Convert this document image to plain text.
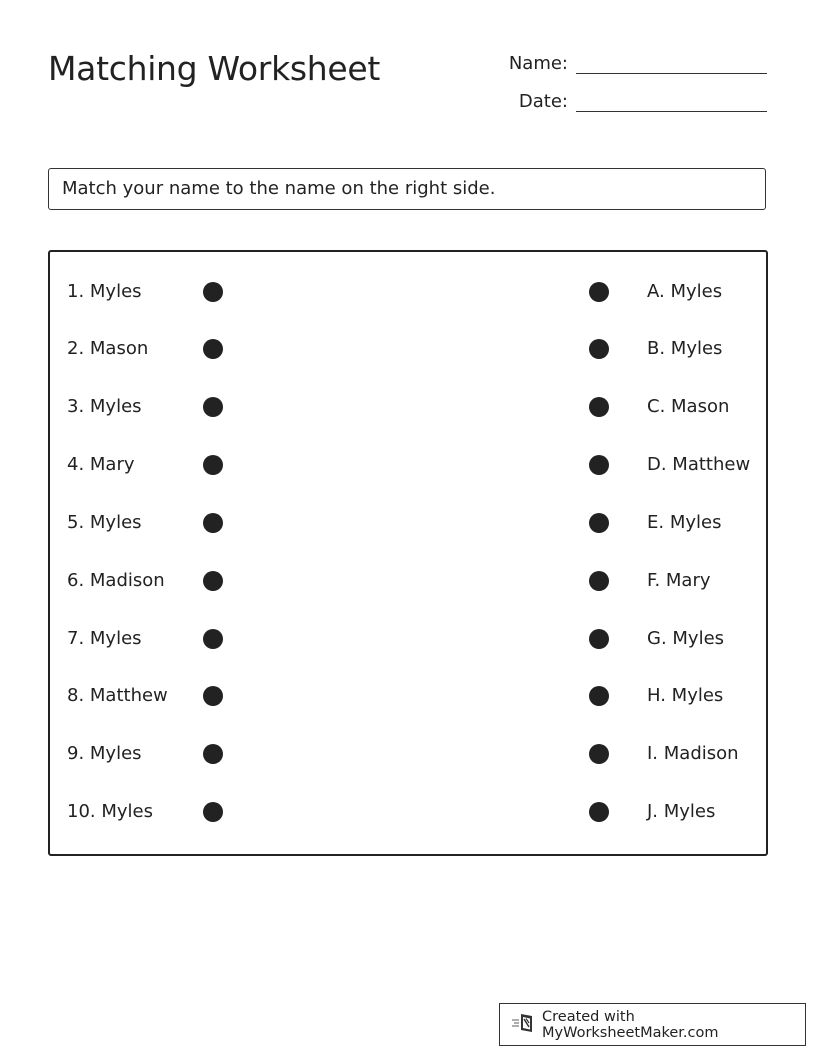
Matching Worksheet	Name:
Date:
Match your name to the name on the right side.
1. Myles	A. Myles
2. Mason	B. Myles
3. Myles	C. Mason
4. Mary	D. Matthew
5. Myles	E. Myles
6. Madison	F. Mary
7. Myles	G. Myles
8. Matthew	H. Myles
9. Myles	I. Madison
10. Myles	J. Myles
Created with MyWorksheetMaker.com
